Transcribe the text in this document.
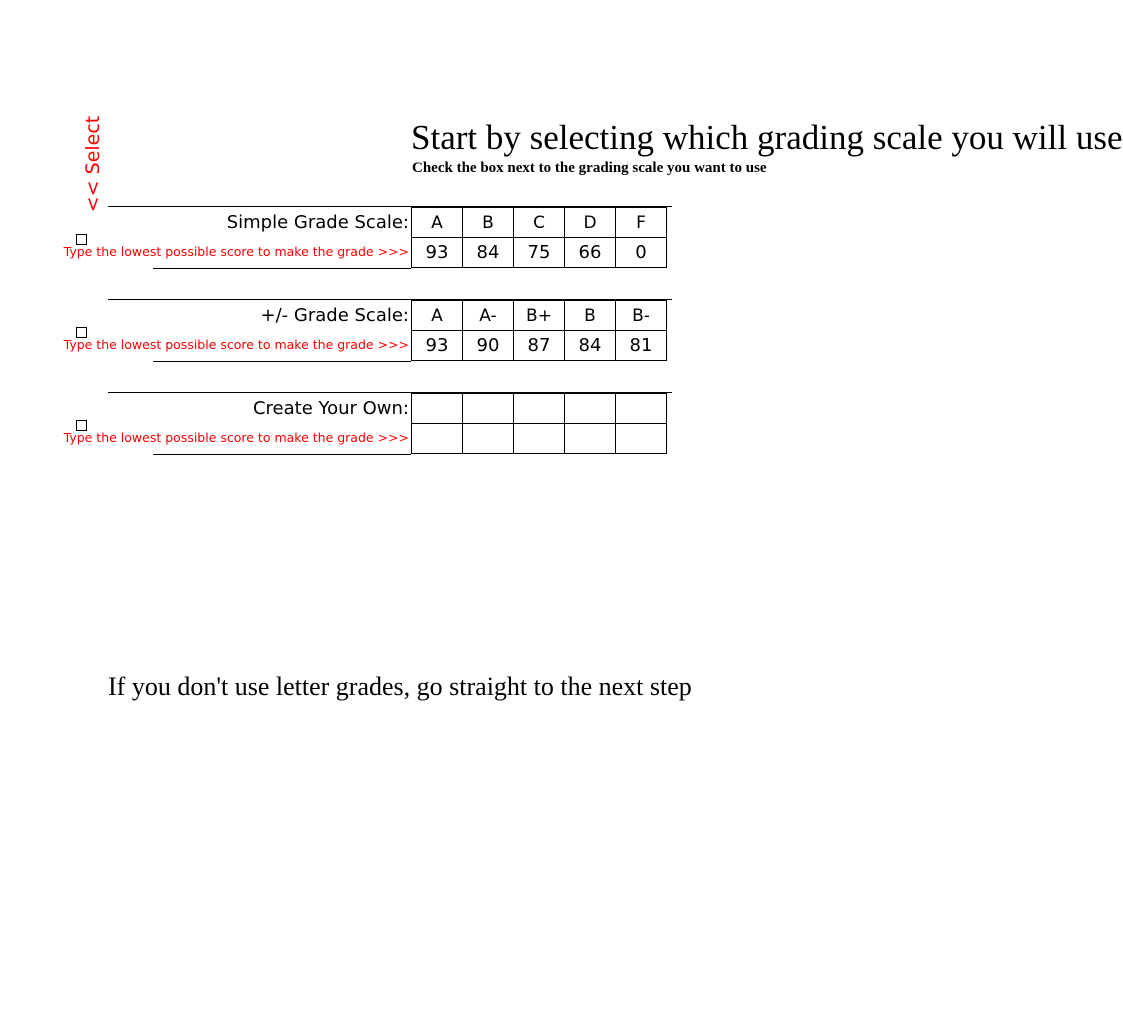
<< Select	Start by selecting which grading scale you will use
Check the box next to the grading scale you want to use
Simple Grade Scale:
Type the lowest possible score to make the grade >>>
A	B	C	D	F
93	84	75	66	0
+/- Grade Scale:
Type the lowest possible score to make the grade >>>
A	A-	B+	B	B-
93	90	87	84	81
Create Your Own:
Type the lowest possible score to make the grade >>>

If you don't use letter grades, go straight to the next step
